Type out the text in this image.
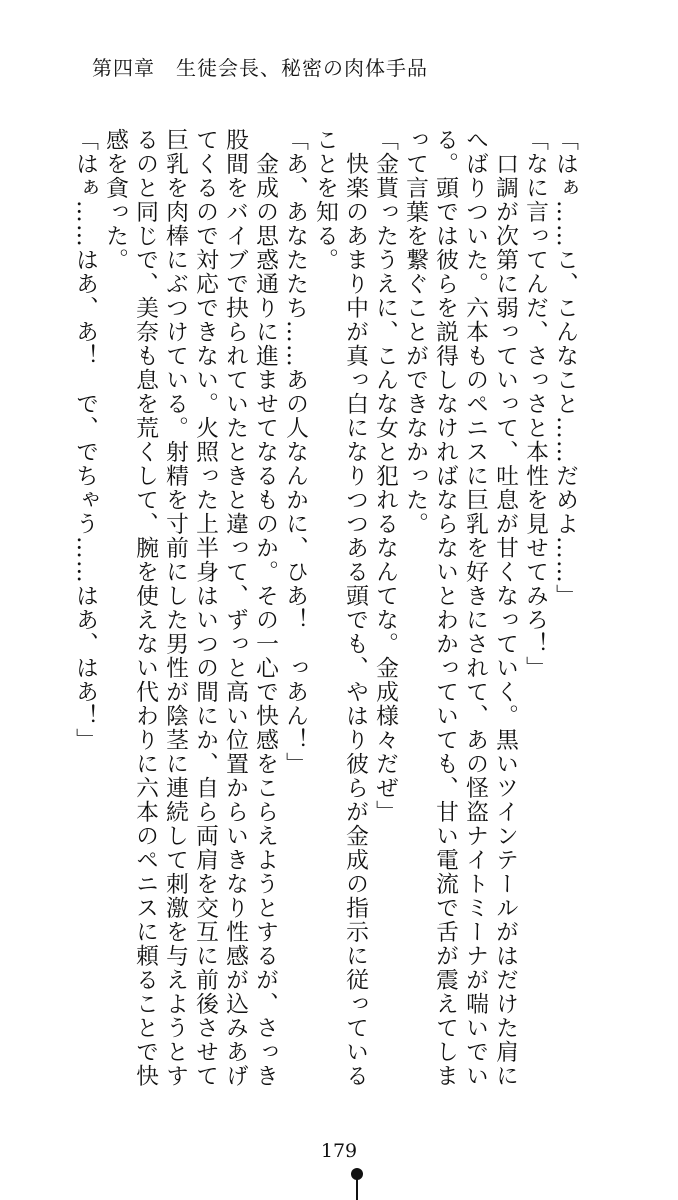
第四章　生徒会長、秘密の肉体手品

「はぁ……こ、こんなこと……だめよ……」

「なに言ってんだ、さっさと本性を見せてみろ！」

　口調が次第に弱っていって、吐息が甘くなっていく。黒いツインテールがはだけた肩に

へばりついた。六本ものペニスに巨乳を好きにされて、あの怪盗ナイトミーナが喘いでい

る。頭では彼らを説得しなければならないとわかっていても、甘い電流で舌が震えてしま

って言葉を繋ぐことができなかった。

「金貰ったうえに、こんな女と犯れるなんてな。金成様々だぜ」

　快楽のあまり中が真っ白になりつつある頭でも、やはり彼らが金成の指示に従っている

ことを知る。

「あ、あなたたち……あの人なんかに、ひあ！　っあん！」

　金成の思惑通りに進ませてなるものか。その一心で快感をこらえようとするが、さっき

股間をバイブで抉られていたときと違って、ずっと高い位置からいきなり性感が込みあげ

てくるので対応できない。火照った上半身はいつの間にか、自ら両肩を交互に前後させて

巨乳を肉棒にぶつけている。射精を寸前にした男性が陰茎に連続して刺激を与えようとす

るのと同じで、美奈も息を荒くして、腕を使えない代わりに六本のペニスに頼ることで快

感を貪った。

「はぁ……はあ、あ！　で、でちゃう……はあ、はあ！」

179
